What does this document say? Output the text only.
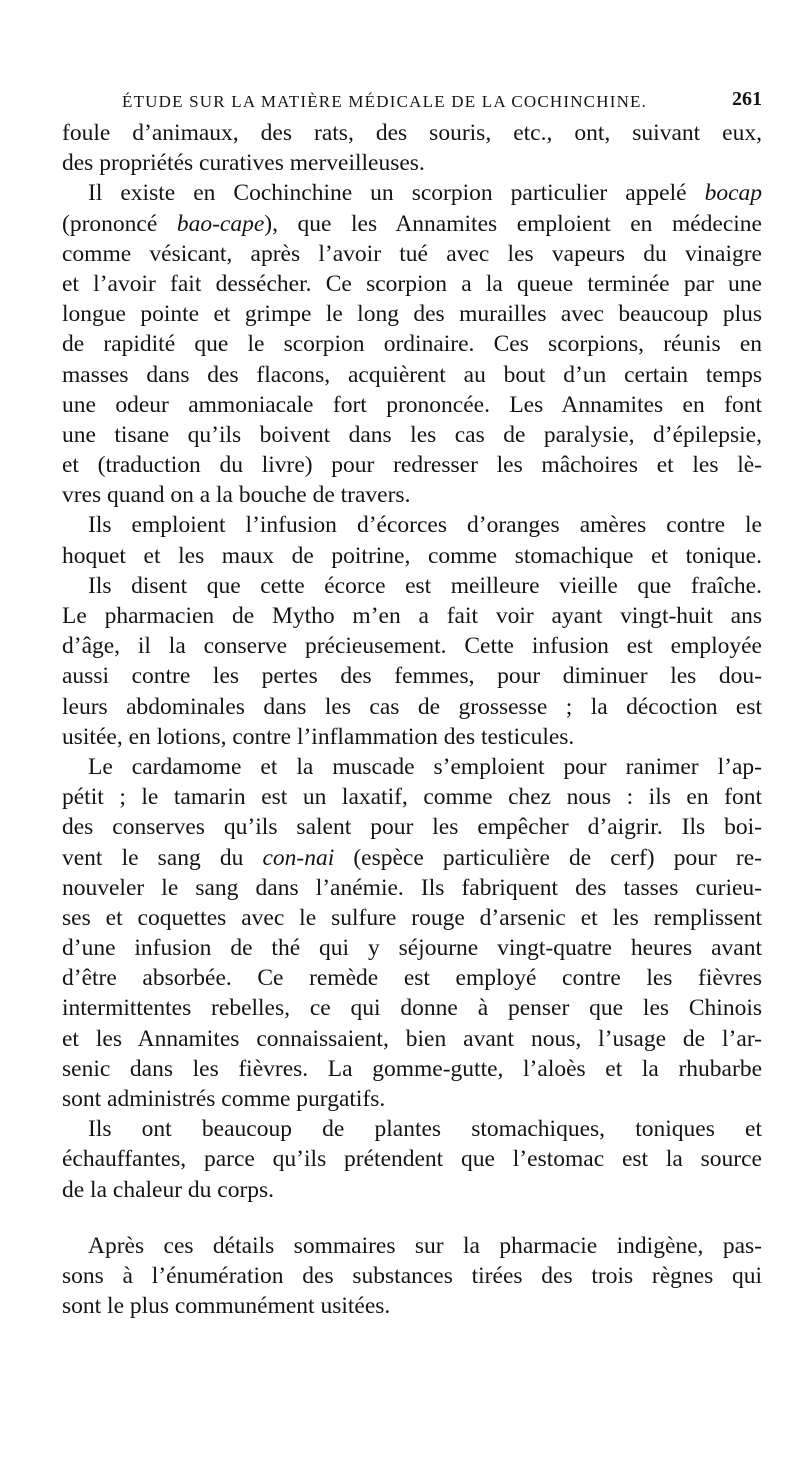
ÉTUDE SUR LA MATIÈRE MÉDICALE DE LA COCHINCHINE.	261
foule d’animaux, des rats, des souris, etc., ont, suivant eux,
des propriétés curatives merveilleuses.
Il existe en Cochinchine un scorpion particulier appelé bocap
(prononcé bao-cape), que les Annamites emploient en médecine
comme vésicant, après l’avoir tué avec les vapeurs du vinaigre
et l’avoir fait dessécher. Ce scorpion a la queue terminée par une
longue pointe et grimpe le long des murailles avec beaucoup plus
de rapidité que le scorpion ordinaire. Ces scorpions, réunis en
masses dans des flacons, acquièrent au bout d’un certain temps
une odeur ammoniacale fort prononcée. Les Annamites en font
une tisane qu’ils boivent dans les cas de paralysie, d’épilepsie,
et (traduction du livre) pour redresser les mâchoires et les lè-
vres quand on a la bouche de travers.
Ils emploient l’infusion d’écorces d’oranges amères contre le
hoquet et les maux de poitrine, comme stomachique et tonique.
Ils disent que cette écorce est meilleure vieille que fraîche.
Le pharmacien de Mytho m’en a fait voir ayant vingt-huit ans
d’âge, il la conserve précieusement. Cette infusion est employée
aussi contre les pertes des femmes, pour diminuer les dou-
leurs abdominales dans les cas de grossesse ; la décoction est
usitée, en lotions, contre l’inflammation des testicules.
Le cardamome et la muscade s’emploient pour ranimer l’ap-
pétit ; le tamarin est un laxatif, comme chez nous : ils en font
des conserves qu’ils salent pour les empêcher d’aigrir. Ils boi-
vent le sang du con-nai (espèce particulière de cerf) pour re-
nouveler le sang dans l’anémie. Ils fabriquent des tasses curieu-
ses et coquettes avec le sulfure rouge d’arsenic et les remplissent
d’une infusion de thé qui y séjourne vingt-quatre heures avant
d’être absorbée. Ce remède est employé contre les fièvres
intermittentes rebelles, ce qui donne à penser que les Chinois
et les Annamites connaissaient, bien avant nous, l’usage de l’ar-
senic dans les fièvres. La gomme-gutte, l’aloès et la rhubarbe
sont administrés comme purgatifs.
Ils ont beaucoup de plantes stomachiques, toniques et
échauffantes, parce qu’ils prétendent que l’estomac est la source
de la chaleur du corps.
Après ces détails sommaires sur la pharmacie indigène, pas-
sons à l’énumération des substances tirées des trois règnes qui
sont le plus communément usitées.
